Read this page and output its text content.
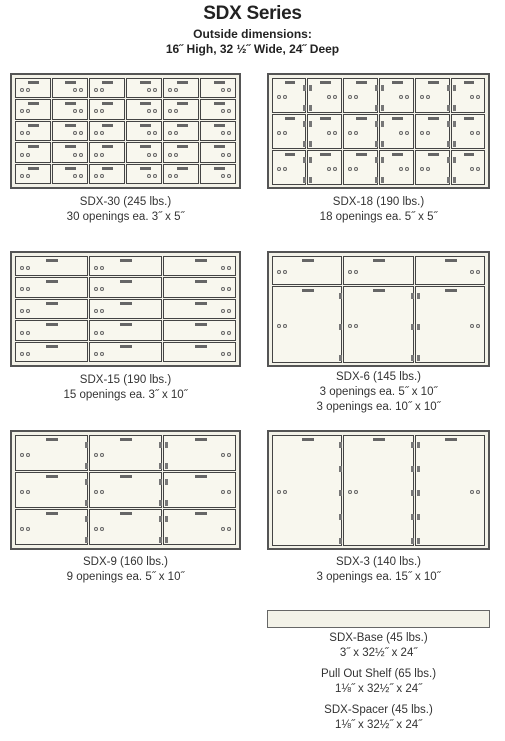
SDX Series
Outside dimensions:
16˝ High, 32 ½˝ Wide, 24˝ Deep
SDX-30 (245 lbs.)
30 openings ea. 3˝ x 5˝
SDX-18 (190 lbs.)
18 openings ea. 5˝ x 5˝
SDX-15 (190 lbs.)
15 openings ea. 3˝ x 10˝
SDX-6 (145 lbs.)
3 openings ea. 5˝ x 10˝
3 openings ea. 10˝ x 10˝
SDX-9 (160 lbs.)
9 openings ea. 5˝ x 10˝
SDX-3 (140 lbs.)
3 openings ea. 15˝ x 10˝
SDX-Base (45 lbs.)
3˝ x 32½˝ x 24˝
Pull Out Shelf (65 lbs.)
1⅛˝ x 32½˝ x 24˝
SDX-Spacer (45 lbs.)
1⅛˝ x 32½˝ x 24˝
